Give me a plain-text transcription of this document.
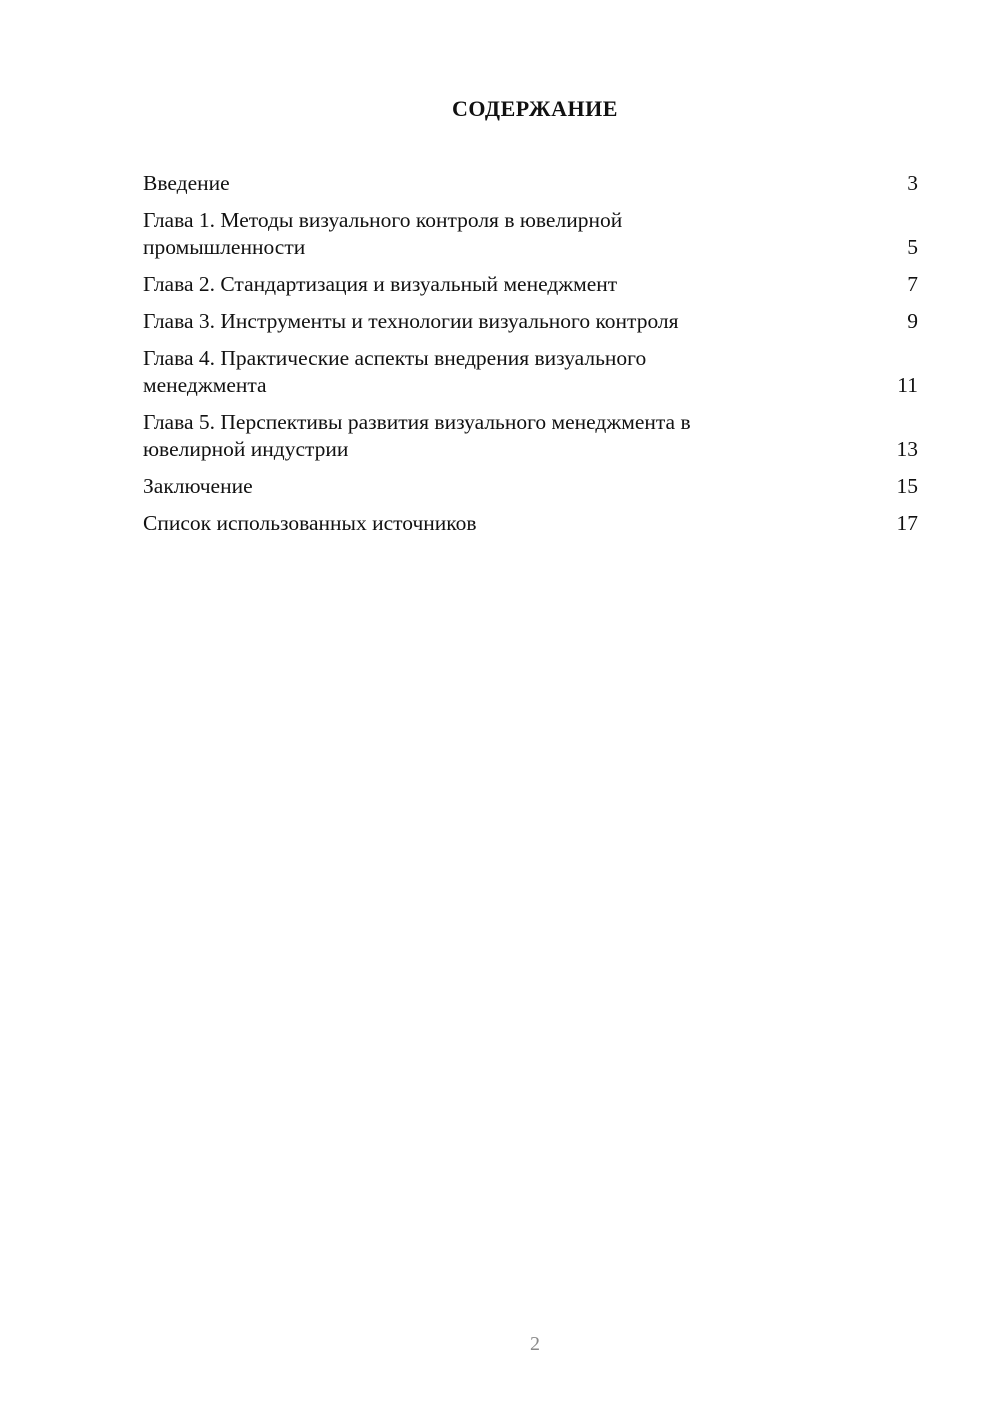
СОДЕРЖАНИЕ
Введение	3
Глава 1. Методы визуального контроля в ювелирной промышленности	5
Глава 2. Стандартизация и визуальный менеджмент	7
Глава 3. Инструменты и технологии визуального контроля	9
Глава 4. Практические аспекты внедрения визуального менеджмента	11
Глава 5. Перспективы развития визуального менеджмента в ювелирной индустрии	13
Заключение	15
Список использованных источников	17
2
